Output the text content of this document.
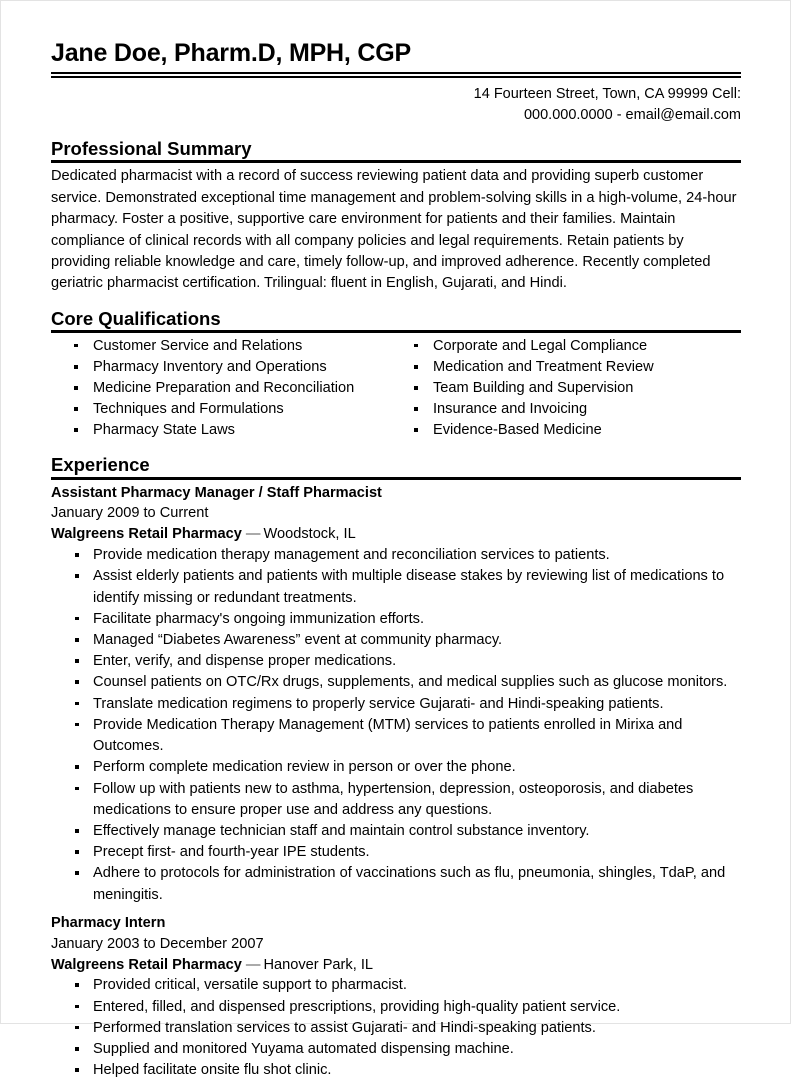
Jane Doe, Pharm.D, MPH, CGP
14 Fourteen Street, Town, CA 99999 Cell:
000.000.0000 - email@email.com
Professional Summary

Dedicated pharmacist with a record of success reviewing patient data and providing superb customer service. Demonstrated exceptional time management and problem-solving skills in a high-volume, 24-hour pharmacy. Foster a positive, supportive care environment for patients and their families. Maintain compliance of clinical records with all company policies and legal requirements. Retain patients by providing reliable knowledge and care, timely follow-up, and improved adherence. Recently completed geriatric pharmacist certification. Trilingual: fluent in English, Gujarati, and Hindi.

Core Qualifications
Customer Service and Relations
Pharmacy Inventory and Operations
Medicine Preparation and Reconciliation
Techniques and Formulations
Pharmacy State Laws
Corporate and Legal Compliance
Medication and Treatment Review
Team Building and Supervision
Insurance and Invoicing
Evidence-Based Medicine
Experience
Assistant Pharmacy Manager / Staff Pharmacist
January 2009 to Current
Walgreens Retail Pharmacy — Woodstock, IL
Provide medication therapy management and reconciliation services to patients.
Assist elderly patients and patients with multiple disease stakes by reviewing list of medications to identify missing or redundant treatments.
Facilitate pharmacy's ongoing immunization efforts.
Managed “Diabetes Awareness” event at community pharmacy.
Enter, verify, and dispense proper medications.
Counsel patients on OTC/Rx drugs, supplements, and medical supplies such as glucose monitors.
Translate medication regimens to properly service Gujarati- and Hindi-speaking patients.
Provide Medication Therapy Management (MTM) services to patients enrolled in Mirixa and Outcomes.
Perform complete medication review in person or over the phone.
Follow up with patients new to asthma, hypertension, depression, osteoporosis, and diabetes medications to ensure proper use and address any questions.
Effectively manage technician staff and maintain control substance inventory.
Precept first- and fourth-year IPE students.
Adhere to protocols for administration of vaccinations such as flu, pneumonia, shingles, TdaP, and meningitis.
Pharmacy Intern
January 2003 to December 2007
Walgreens Retail Pharmacy — Hanover Park, IL
Provided critical, versatile support to pharmacist.
Entered, filled, and dispensed prescriptions, providing high-quality patient service.
Performed translation services to assist Gujarati- and Hindi-speaking patients.
Supplied and monitored Yuyama automated dispensing machine.
Helped facilitate onsite flu shot clinic.
